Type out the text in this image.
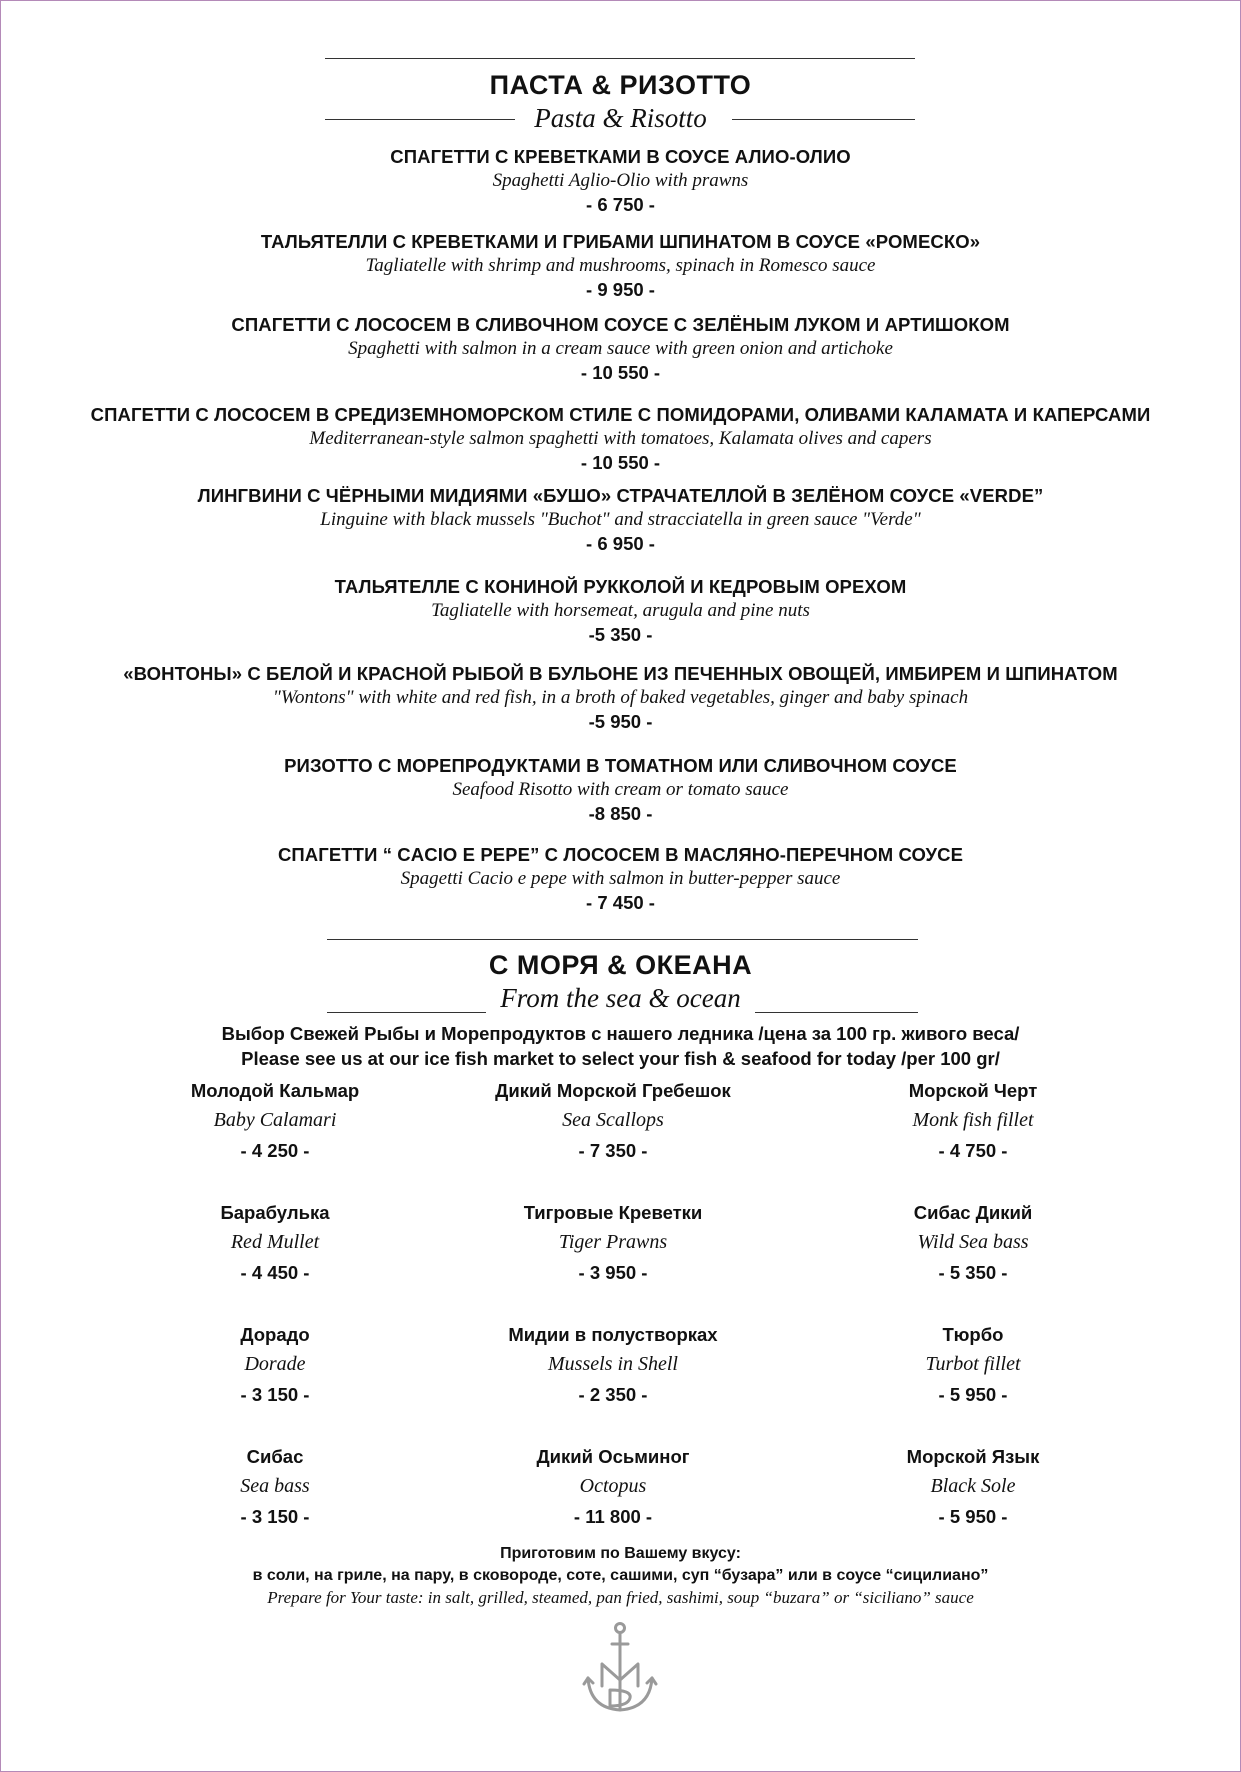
ПАСТА & РИЗОТТО
Pasta & Risotto
СПАГЕТТИ С КРЕВЕТКАМИ В СОУСЕ АЛИО-ОЛИО
Spaghetti Aglio-Olio with prawns
- 6 750 -
ТАЛЬЯТЕЛЛИ С КРЕВЕТКАМИ И ГРИБАМИ ШПИНАТОМ В СОУСЕ «РОМЕСКО»
Tagliatelle with shrimp and mushrooms, spinach in Romesco sauce
- 9 950 -
СПАГЕТТИ С ЛОСОСЕМ В СЛИВОЧНОМ СОУСЕ С ЗЕЛЁНЫМ ЛУКОМ И АРТИШОКОМ
Spaghetti with salmon in a cream sauce with green onion and artichoke
- 10 550 -
СПАГЕТТИ С ЛОСОСЕМ В СРЕДИЗЕМНОМОРСКОМ СТИЛЕ С ПОМИДОРАМИ, ОЛИВАМИ КАЛАМАТА И КАПЕРСАМИ
Mediterranean-style salmon spaghetti with tomatoes, Kalamata olives and capers
- 10 550 -
ЛИНГВИНИ С ЧЁРНЫМИ МИДИЯМИ «БУШО» СТРАЧАТЕЛЛОЙ В ЗЕЛЁНОМ СОУСЕ «VERDE”
Linguine with black mussels "Buchot" and stracciatella in green sauce "Verde"
- 6 950 -
ТАЛЬЯТЕЛЛЕ С КОНИНОЙ РУККОЛОЙ И КЕДРОВЫМ ОРЕХОМ
Tagliatelle with horsemeat, arugula and pine nuts
-5 350 -
«ВОНТОНЫ» С БЕЛОЙ И КРАСНОЙ РЫБОЙ В БУЛЬОНЕ ИЗ ПЕЧЕННЫХ ОВОЩЕЙ, ИМБИРЕМ И ШПИНАТОМ
"Wontons" with white and red fish, in a broth of baked vegetables, ginger and baby spinach
-5 950 -
РИЗОТТО С МОРЕПРОДУКТАМИ В ТОМАТНОМ ИЛИ СЛИВОЧНОМ СОУСЕ
Seafood Risotto with cream or tomato sauce
-8 850 -
СПАГЕТТИ “ CACIO E PEPE” С ЛОСОСЕМ В МАСЛЯНО-ПЕРЕЧНОМ СОУСЕ
Spagetti Cacio e pepe with salmon in butter-pepper sauce
- 7 450 -
С МОРЯ & ОКЕАНА
From the sea & ocean
Выбор Свежей Рыбы и Морепродуктов с нашего ледника /цена за 100 гр. живого веса/
Please see us at our ice fish market to select your fish & seafood for today /per 100 gr/
Молодой Кальмар
Baby Calamari
- 4 250 -
Дикий Морской Гребешок
Sea Scallops
- 7 350 -
Морской Черт
Monk fish fillet
- 4 750 -
Барабулька
Red Mullet
- 4 450 -
Тигровые Креветки
Tiger Prawns
- 3 950 -
Сибас Дикий
Wild Sea bass
- 5 350 -
Дорадо
Dorade
- 3 150 -
Мидии в полустворках
Mussels in Shell
- 2 350 -
Тюрбо
Turbot fillet
- 5 950 -
Сибас
Sea bass
- 3 150 -
Дикий Осьминог
Octopus
- 11 800 -
Морской Язык
Black Sole
- 5 950 -
Приготовим по Вашему вкусу:
в соли, на гриле, на пару, в сковороде, соте, сашими, суп “бузара” или в соусе “сицилиано”
Prepare for Your taste: in salt, grilled, steamed, pan fried, sashimi, soup “buzara” or “siciliano” sauce
